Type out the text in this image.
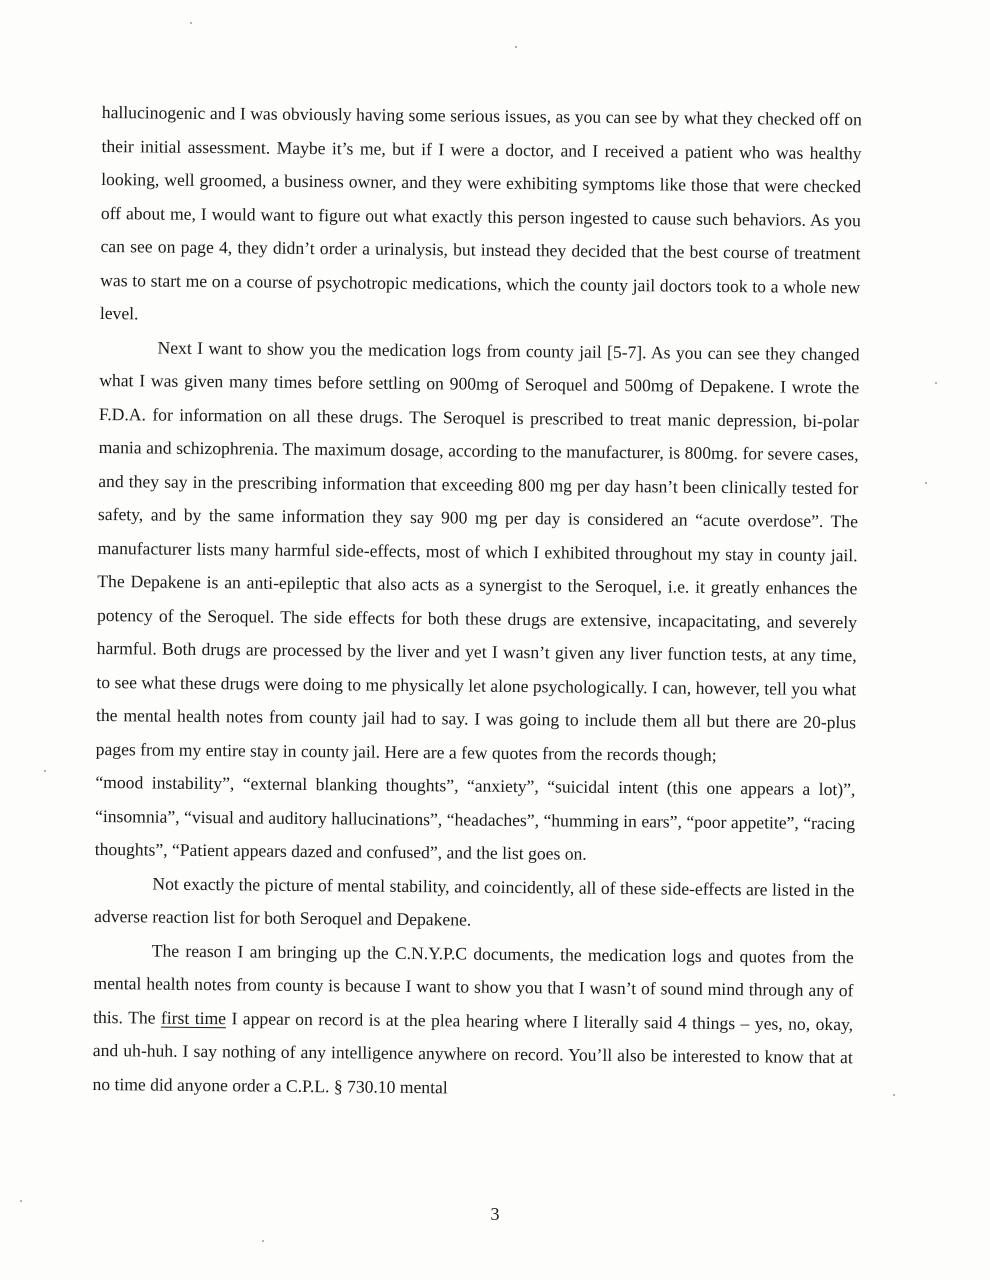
hallucinogenic and I was obviously having some serious issues, as you can see by what they checked off on their initial assessment. Maybe it’s me, but if I were a doctor, and I received a patient who was healthy looking, well groomed, a business owner, and they were exhibiting symptoms like those that were checked off about me, I would want to figure out what exactly this person ingested to cause such behaviors. As you can see on page 4, they didn’t order a urinalysis, but instead they decided that the best course of treatment was to start me on a course of psychotropic medications, which the county jail doctors took to a whole new level.

Next I want to show you the medication logs from county jail [5-7]. As you can see they changed what I was given many times before settling on 900mg of Seroquel and 500mg of Depakene. I wrote the F.D.A. for information on all these drugs. The Seroquel is prescribed to treat manic depression, bi-polar mania and schizophrenia. The maximum dosage, according to the manufacturer, is 800mg. for severe cases, and they say in the prescribing information that exceeding 800 mg per day hasn’t been clinically tested for safety, and by the same information they say 900 mg per day is considered an “acute overdose”. The manufacturer lists many harmful side-effects, most of which I exhibited throughout my stay in county jail. The Depakene is an anti-epileptic that also acts as a synergist to the Seroquel, i.e. it greatly enhances the potency of the Seroquel. The side effects for both these drugs are extensive, incapacitating, and severely harmful. Both drugs are processed by the liver and yet I wasn’t given any liver function tests, at any time, to see what these drugs were doing to me physically let alone psychologically. I can, however, tell you what the mental health notes from county jail had to say. I was going to include them all but there are 20-plus pages from my entire stay in county jail. Here are a few quotes from the records though;

“mood instability”, “external blanking thoughts”, “anxiety”, “suicidal intent (this one appears a lot)”, “insomnia”, “visual and auditory hallucinations”, “headaches”, “humming in ears”, “poor appetite”, “racing thoughts”, “Patient appears dazed and confused”, and the list goes on.

Not exactly the picture of mental stability, and coincidently, all of these side-effects are listed in the adverse reaction list for both Seroquel and Depakene.

The reason I am bringing up the C.N.Y.P.C documents, the medication logs and quotes from the mental health notes from county is because I want to show you that I wasn’t of sound mind through any of this. The first time I appear on record is at the plea hearing where I literally said 4 things – yes, no, okay, and uh-huh. I say nothing of any intelligence anywhere on record. You’ll also be interested to know that at no time did anyone order a C.P.L. § 730.10 mental

3
